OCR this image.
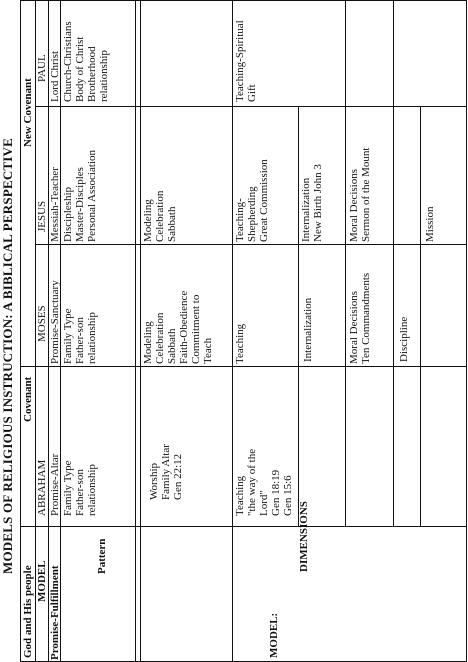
MODELS OF RELIGIOUS INSTRUCTION: A BIBLICAL PERSPECTIVE
God and His people
Covenant
New Covenant
MODEL
ABRAHAM
MOSES
JESUS
PAUL
Promise-Fulfillment
Promise-Altar
Promise-Sanctuary
Messiah-Teacher
Lord Christ
Pattern
Family Type
Father-son
relationship
Family Type
Father-son
relationship
Discipleship
Master-Disciples
Personal Association
Church-Christians
Body of Christ
Brotherhood
relationship
Worship
Family Altar
Gen 22:12
Modeling
Celebration
Sabbath
Faith-Obedience
Commitment to
Teach
Modeling
Celebration
Sabbath
Teaching
"the way of the
Lord"
Gen 18:19
Gen 15:6
Teaching
Teaching-
Shepherding
Great Commission
Teaching-Spiritual
Gift
MODEL:
DIMENSIONS
Internalization
Internalization
New Birth John 3
Moral Decisions
Ten Commandments
Moral Decisions
Sermon of the Mount
Discipline
Mission
